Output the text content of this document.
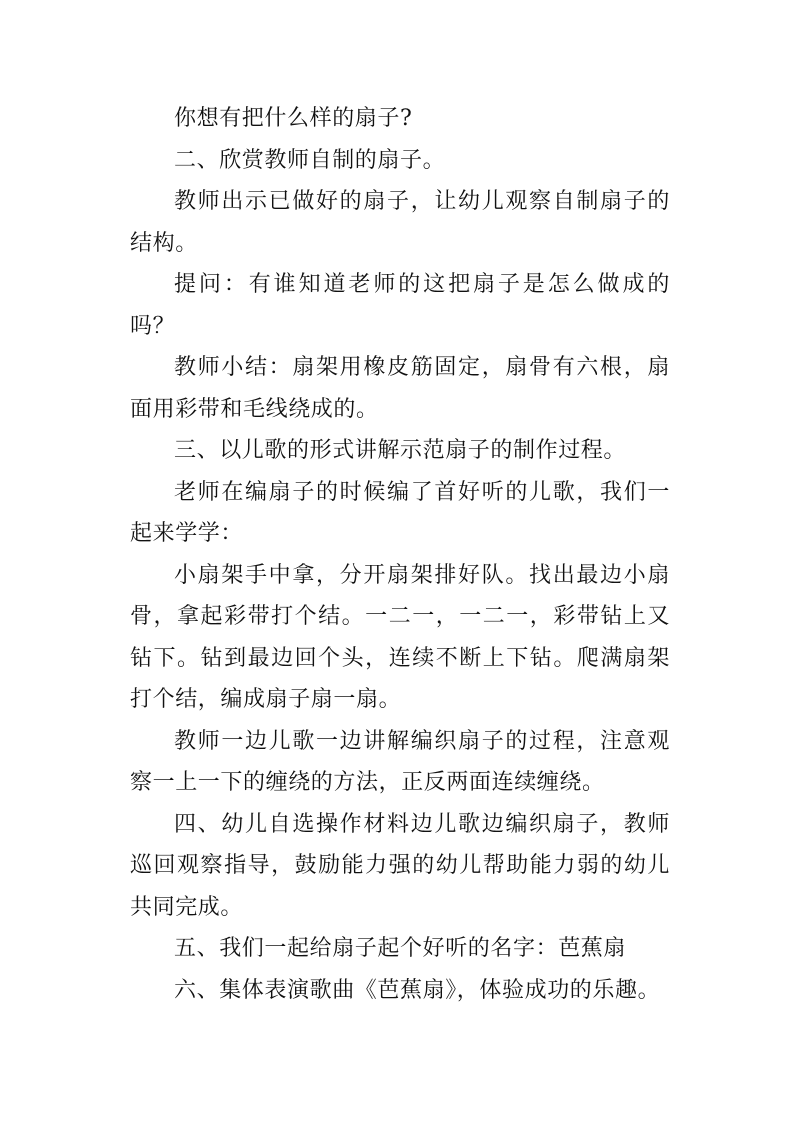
你想有把什么样的扇子?

二、欣赏教师自制的扇子。

教师出示已做好的扇子，让幼儿观察自制扇子的结构。

提问：有谁知道老师的这把扇子是怎么做成的吗？

教师小结：扇架用橡皮筋固定，扇骨有六根，扇面用彩带和毛线绕成的。

三、以儿歌的形式讲解示范扇子的制作过程。

老师在编扇子的时候编了首好听的儿歌，我们一起来学学：

小扇架手中拿，分开扇架排好队。找出最边小扇骨，拿起彩带打个结。一二一，一二一，彩带钻上又钻下。钻到最边回个头，连续不断上下钻。爬满扇架打个结，编成扇子扇一扇。

教师一边儿歌一边讲解编织扇子的过程，注意观察一上一下的缠绕的方法，正反两面连续缠绕。

四、幼儿自选操作材料边儿歌边编织扇子，教师巡回观察指导，鼓励能力强的幼儿帮助能力弱的幼儿共同完成。

五、我们一起给扇子起个好听的名字：芭蕉扇

六、集体表演歌曲《芭蕉扇》，体验成功的乐趣。
